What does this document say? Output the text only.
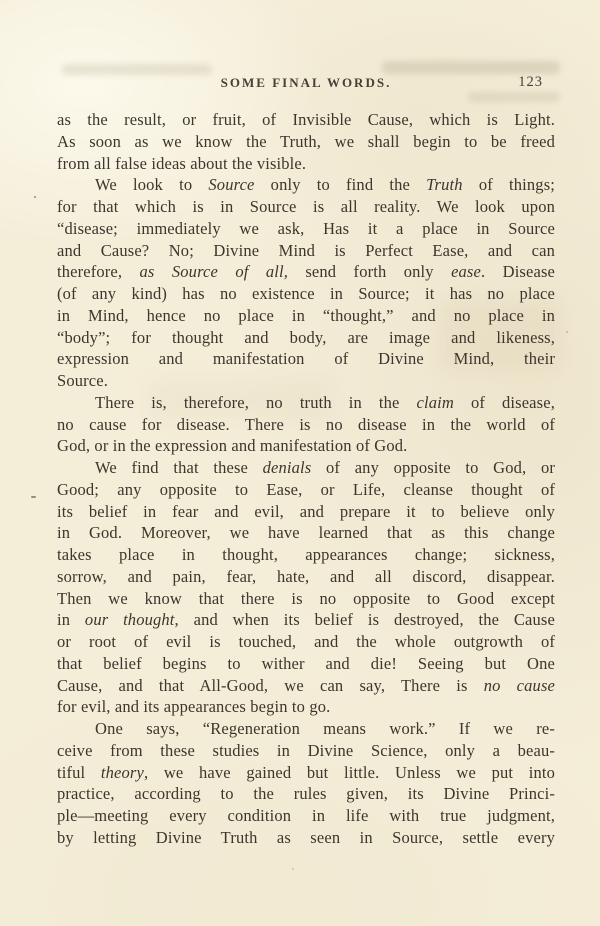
SOME FINAL WORDS.	123
as the result, or fruit, of Invisible Cause, which is Light.
As soon as we know the Truth, we shall begin to be freed
from all false ideas about the visible.
We look to Source only to find the Truth of things;
for that which is in Source is all reality. We look upon
“disease; immediately we ask, Has it a place in Source
and Cause? No; Divine Mind is Perfect Ease, and can
therefore, as Source of all, send forth only ease. Disease
(of any kind) has no existence in Source; it has no place
in Mind, hence no place in “thought,” and no place in
“body”; for thought and body, are image and likeness,
expression and manifestation of Divine Mind, their
Source.
There is, therefore, no truth in the claim of disease,
no cause for disease. There is no disease in the world of
God, or in the expression and manifestation of God.
We find that these denials of any opposite to God, or
Good; any opposite to Ease, or Life, cleanse thought of
its belief in fear and evil, and prepare it to believe only
in God. Moreover, we have learned that as this change
takes place in thought, appearances change; sickness,
sorrow, and pain, fear, hate, and all discord, disappear.
Then we know that there is no opposite to Good except
in our thought, and when its belief is destroyed, the Cause
or root of evil is touched, and the whole outgrowth of
that belief begins to wither and die! Seeing but One
Cause, and that All-Good, we can say, There is no cause
for evil, and its appearances begin to go.
One says, “Regeneration means work.” If we re-
ceive from these studies in Divine Science, only a beau-
tiful theory, we have gained but little. Unless we put into
practice, according to the rules given, its Divine Princi-
ple—meeting every condition in life with true judgment,
by letting Divine Truth as seen in Source, settle every
